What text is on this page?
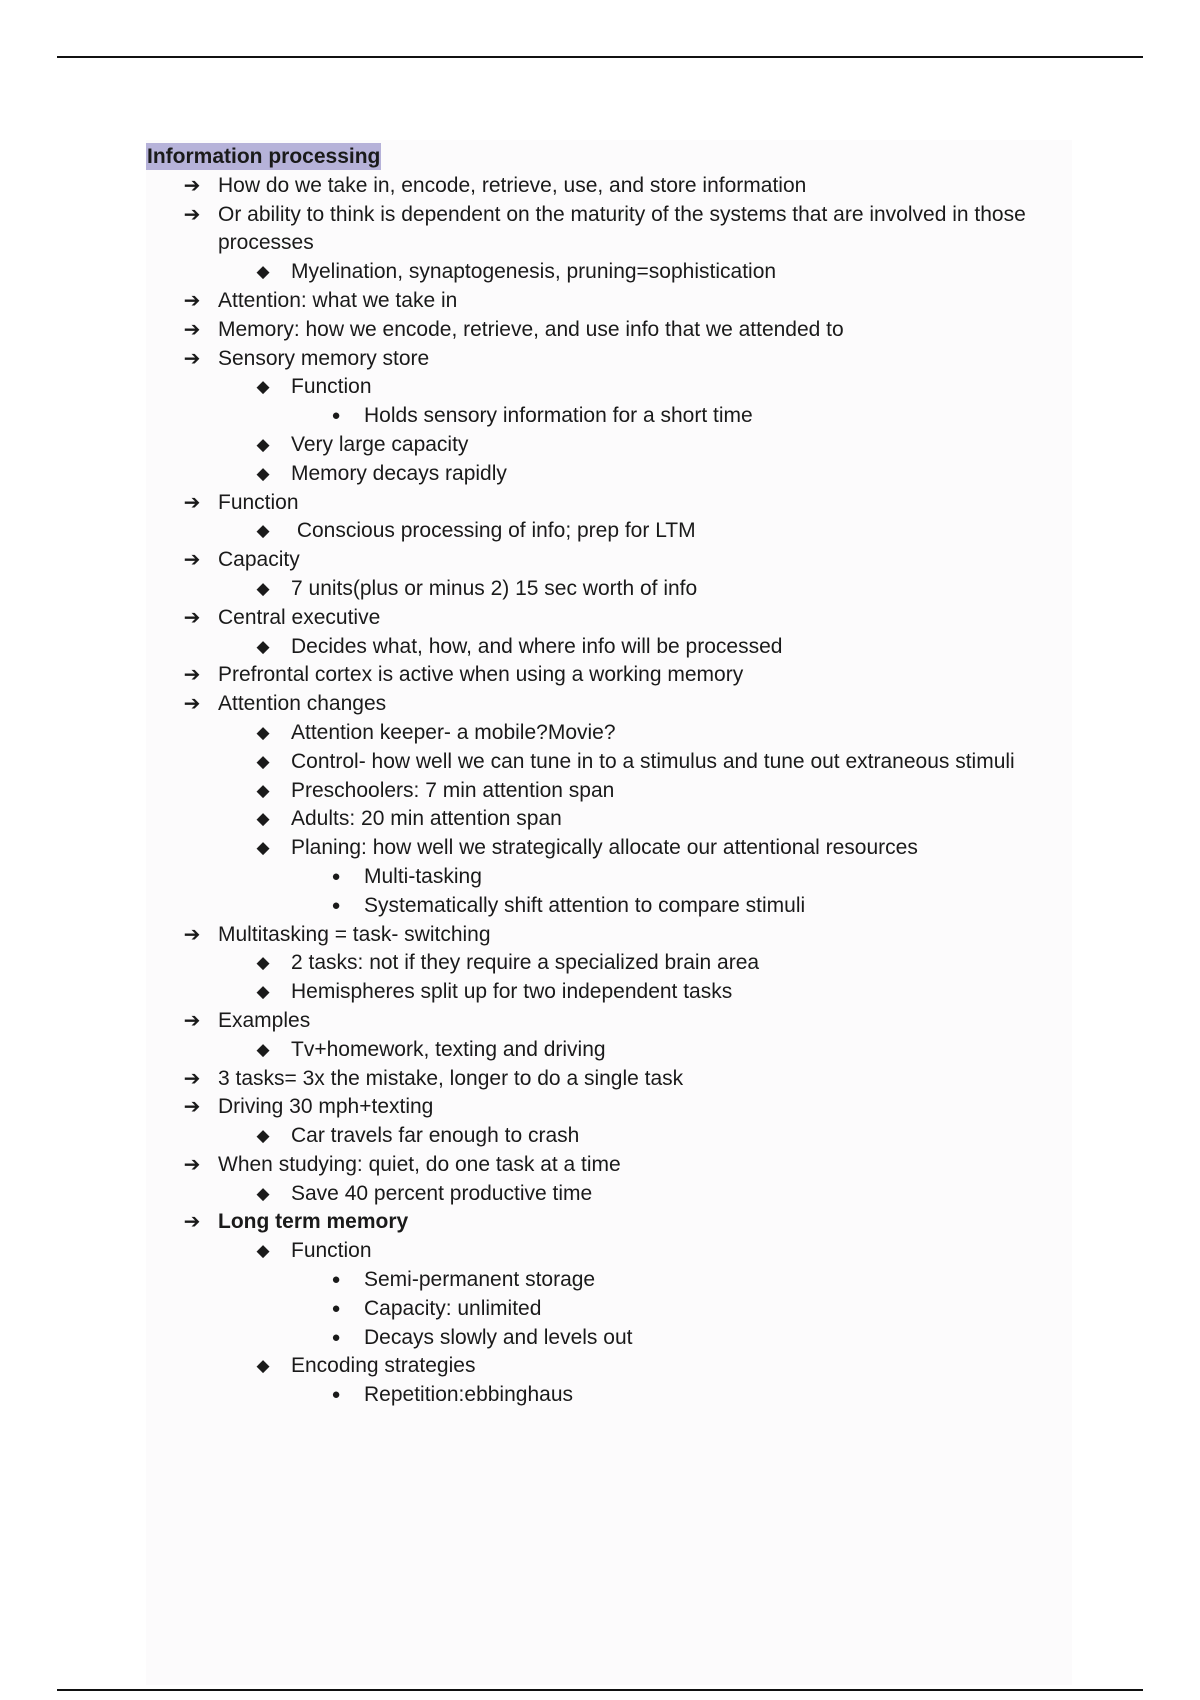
Information processing
➔ How do we take in, encode, retrieve, use, and store information
➔ Or ability to think is dependent on the maturity of the systems that are involved in those processes
◆ Myelination, synaptogenesis, pruning=sophistication
➔ Attention: what we take in
➔ Memory: how we encode, retrieve, and use info that we attended to
➔ Sensory memory store
◆ Function
●	Holds sensory information for a short time
◆ Very large capacity
◆ Memory decays rapidly
➔ Function
◆ Conscious processing of info; prep for LTM
➔ Capacity
◆ 7 units(plus or minus 2) 15 sec worth of info
➔ Central executive
◆ Decides what, how, and where info will be processed
➔ Prefrontal cortex is active when using a working memory
➔ Attention changes
◆ Attention keeper- a mobile?Movie?
◆ Control- how well we can tune in to a stimulus and tune out extraneous stimuli
◆ Preschoolers: 7 min attention span
◆ Adults: 20 min attention span
◆ Planing: how well we strategically allocate our attentional resources
●	Multi-tasking
●	Systematically shift attention to compare stimuli
➔ Multitasking = task- switching
◆ 2 tasks: not if they require a specialized brain area
◆ Hemispheres split up for two independent tasks
➔ Examples
◆ Tv+homework, texting and driving
➔ 3 tasks= 3x the mistake, longer to do a single task
➔ Driving 30 mph+texting
◆ Car travels far enough to crash
➔ When studying: quiet, do one task at a time
◆ Save 40 percent productive time
➔ Long term memory
◆ Function
●	Semi-permanent storage
●	Capacity: unlimited
●	Decays slowly and levels out
◆ Encoding strategies
●	Repetition:ebbinghaus
